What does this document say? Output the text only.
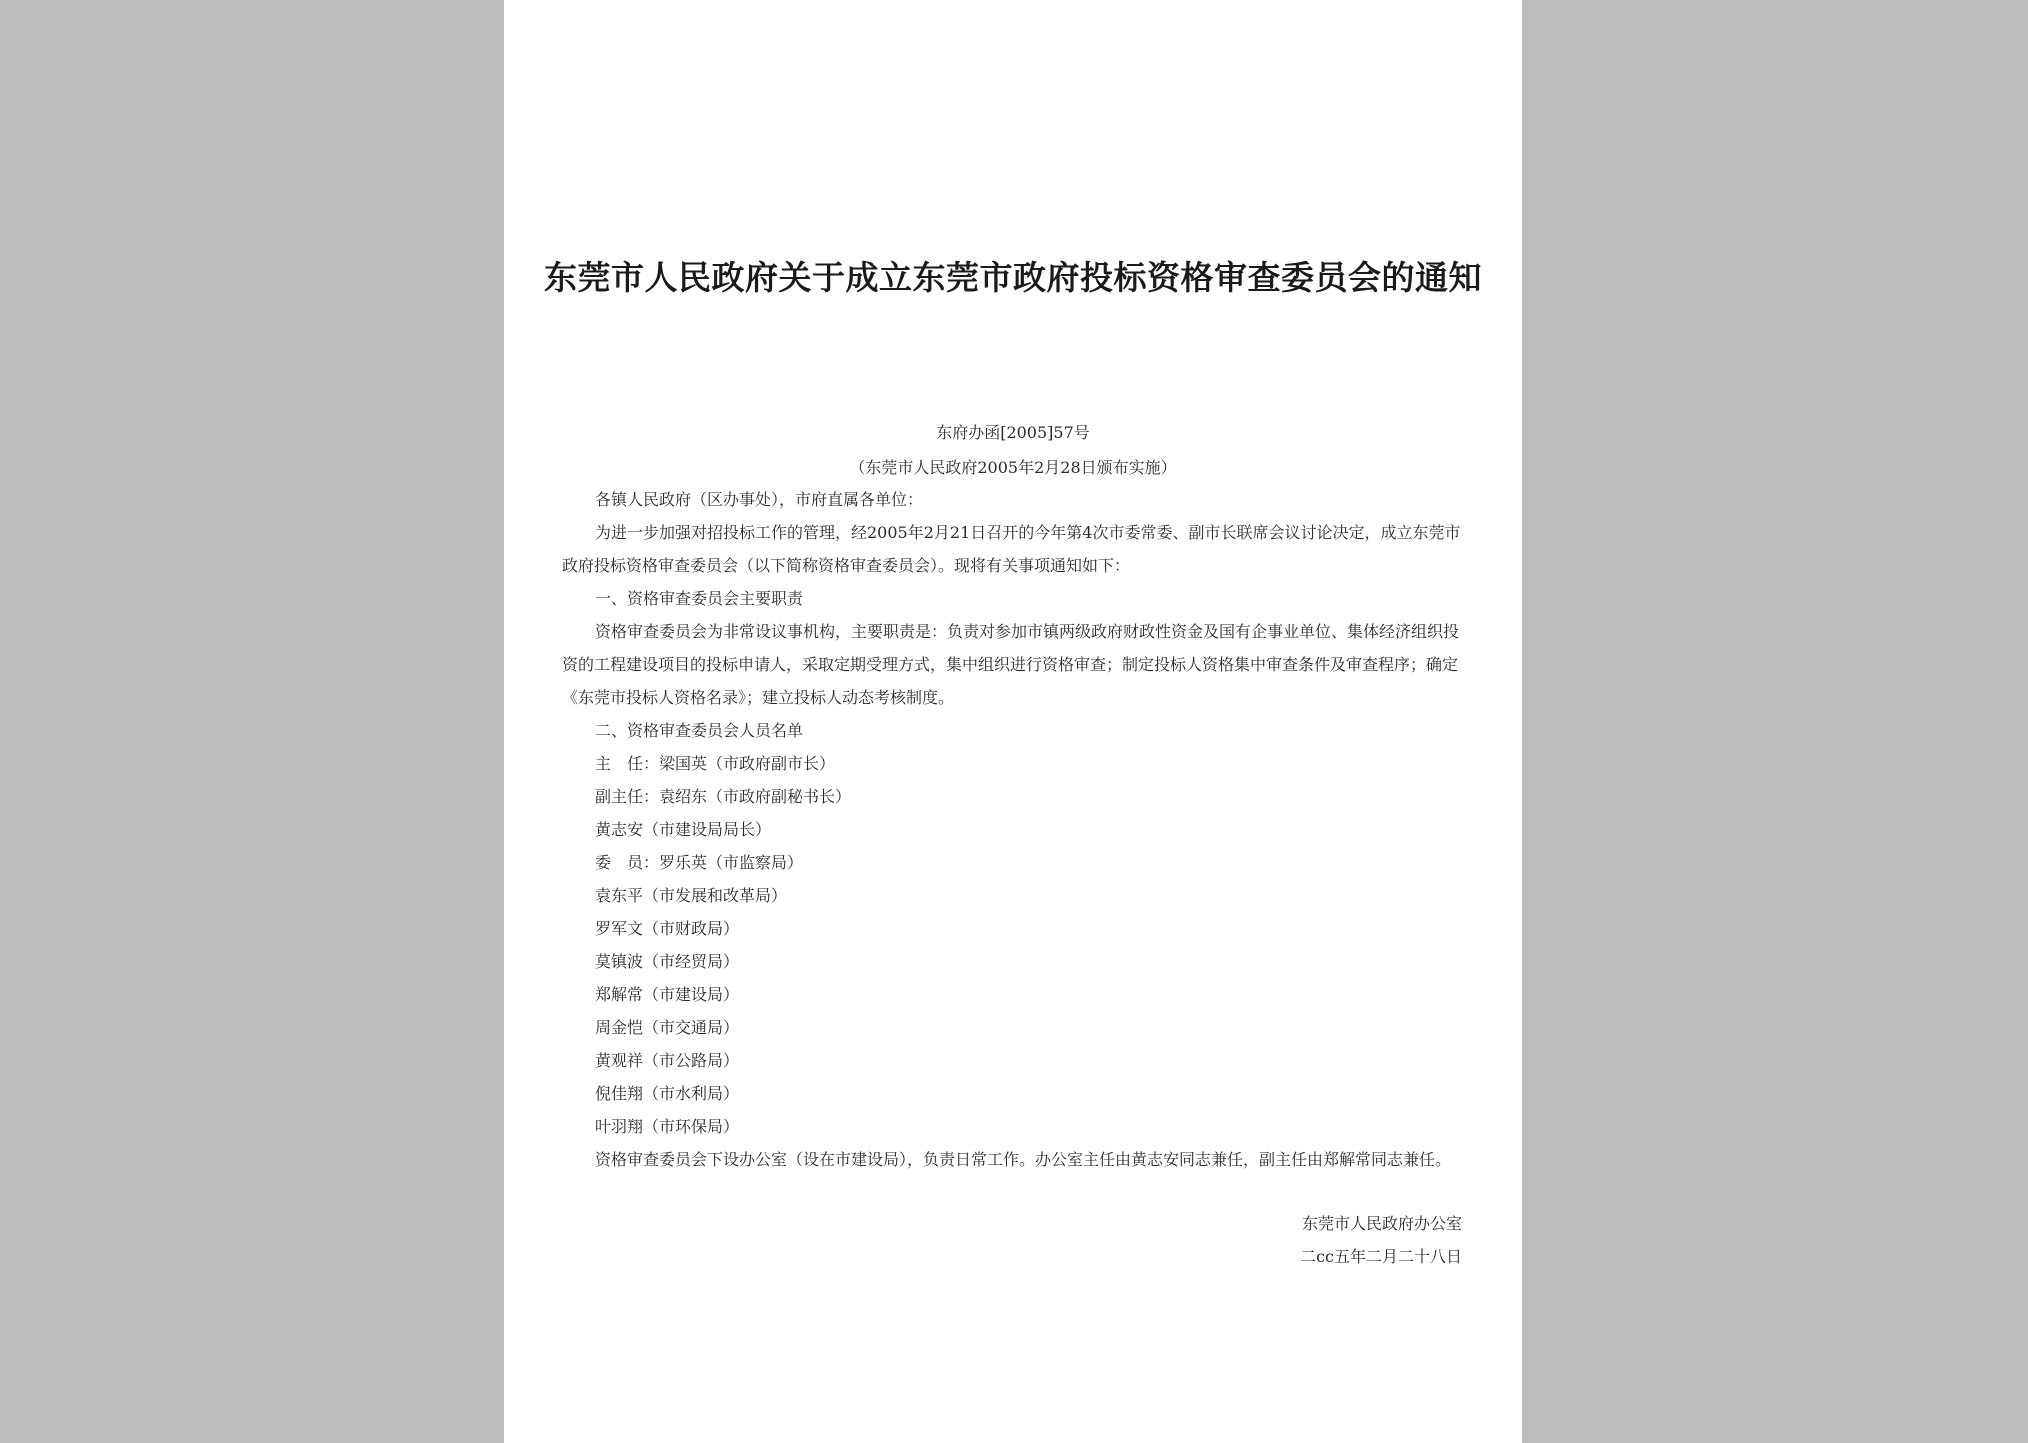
东莞市人民政府关于成立东莞市政府投标资格审查委员会的通知
东府办函[2005]57号
（东莞市人民政府2005年2月28日颁布实施）

各镇人民政府（区办事处），市府直属各单位：

为进一步加强对招投标工作的管理，经2005年2月21日召开的今年第4次市委常委、副市长联席会议讨论决定，成立东莞市政府投标资格审查委员会（以下简称资格审查委员会）。现将有关事项通知如下：

一、资格审查委员会主要职责

资格审查委员会为非常设议事机构，主要职责是：负责对参加市镇两级政府财政性资金及国有企事业单位、集体经济组织投资的工程建设项目的投标申请人，采取定期受理方式，集中组织进行资格审查；制定投标人资格集中审查条件及审查程序；确定《东莞市投标人资格名录》；建立投标人动态考核制度。

二、资格审查委员会人员名单

主　任：梁国英（市政府副市长）

副主任：袁绍东（市政府副秘书长）

黄志安（市建设局局长）

委　员：罗乐英（市监察局）

袁东平（市发展和改革局）

罗军文（市财政局）

莫镇波（市经贸局）

郑解常（市建设局）

周金恺（市交通局）

黄观祥（市公路局）

倪佳翔（市水利局）

叶羽翔（市环保局）

资格审查委员会下设办公室（设在市建设局），负责日常工作。办公室主任由黄志安同志兼任，副主任由郑解常同志兼任。

东莞市人民政府办公室
二cc五年二月二十八日
